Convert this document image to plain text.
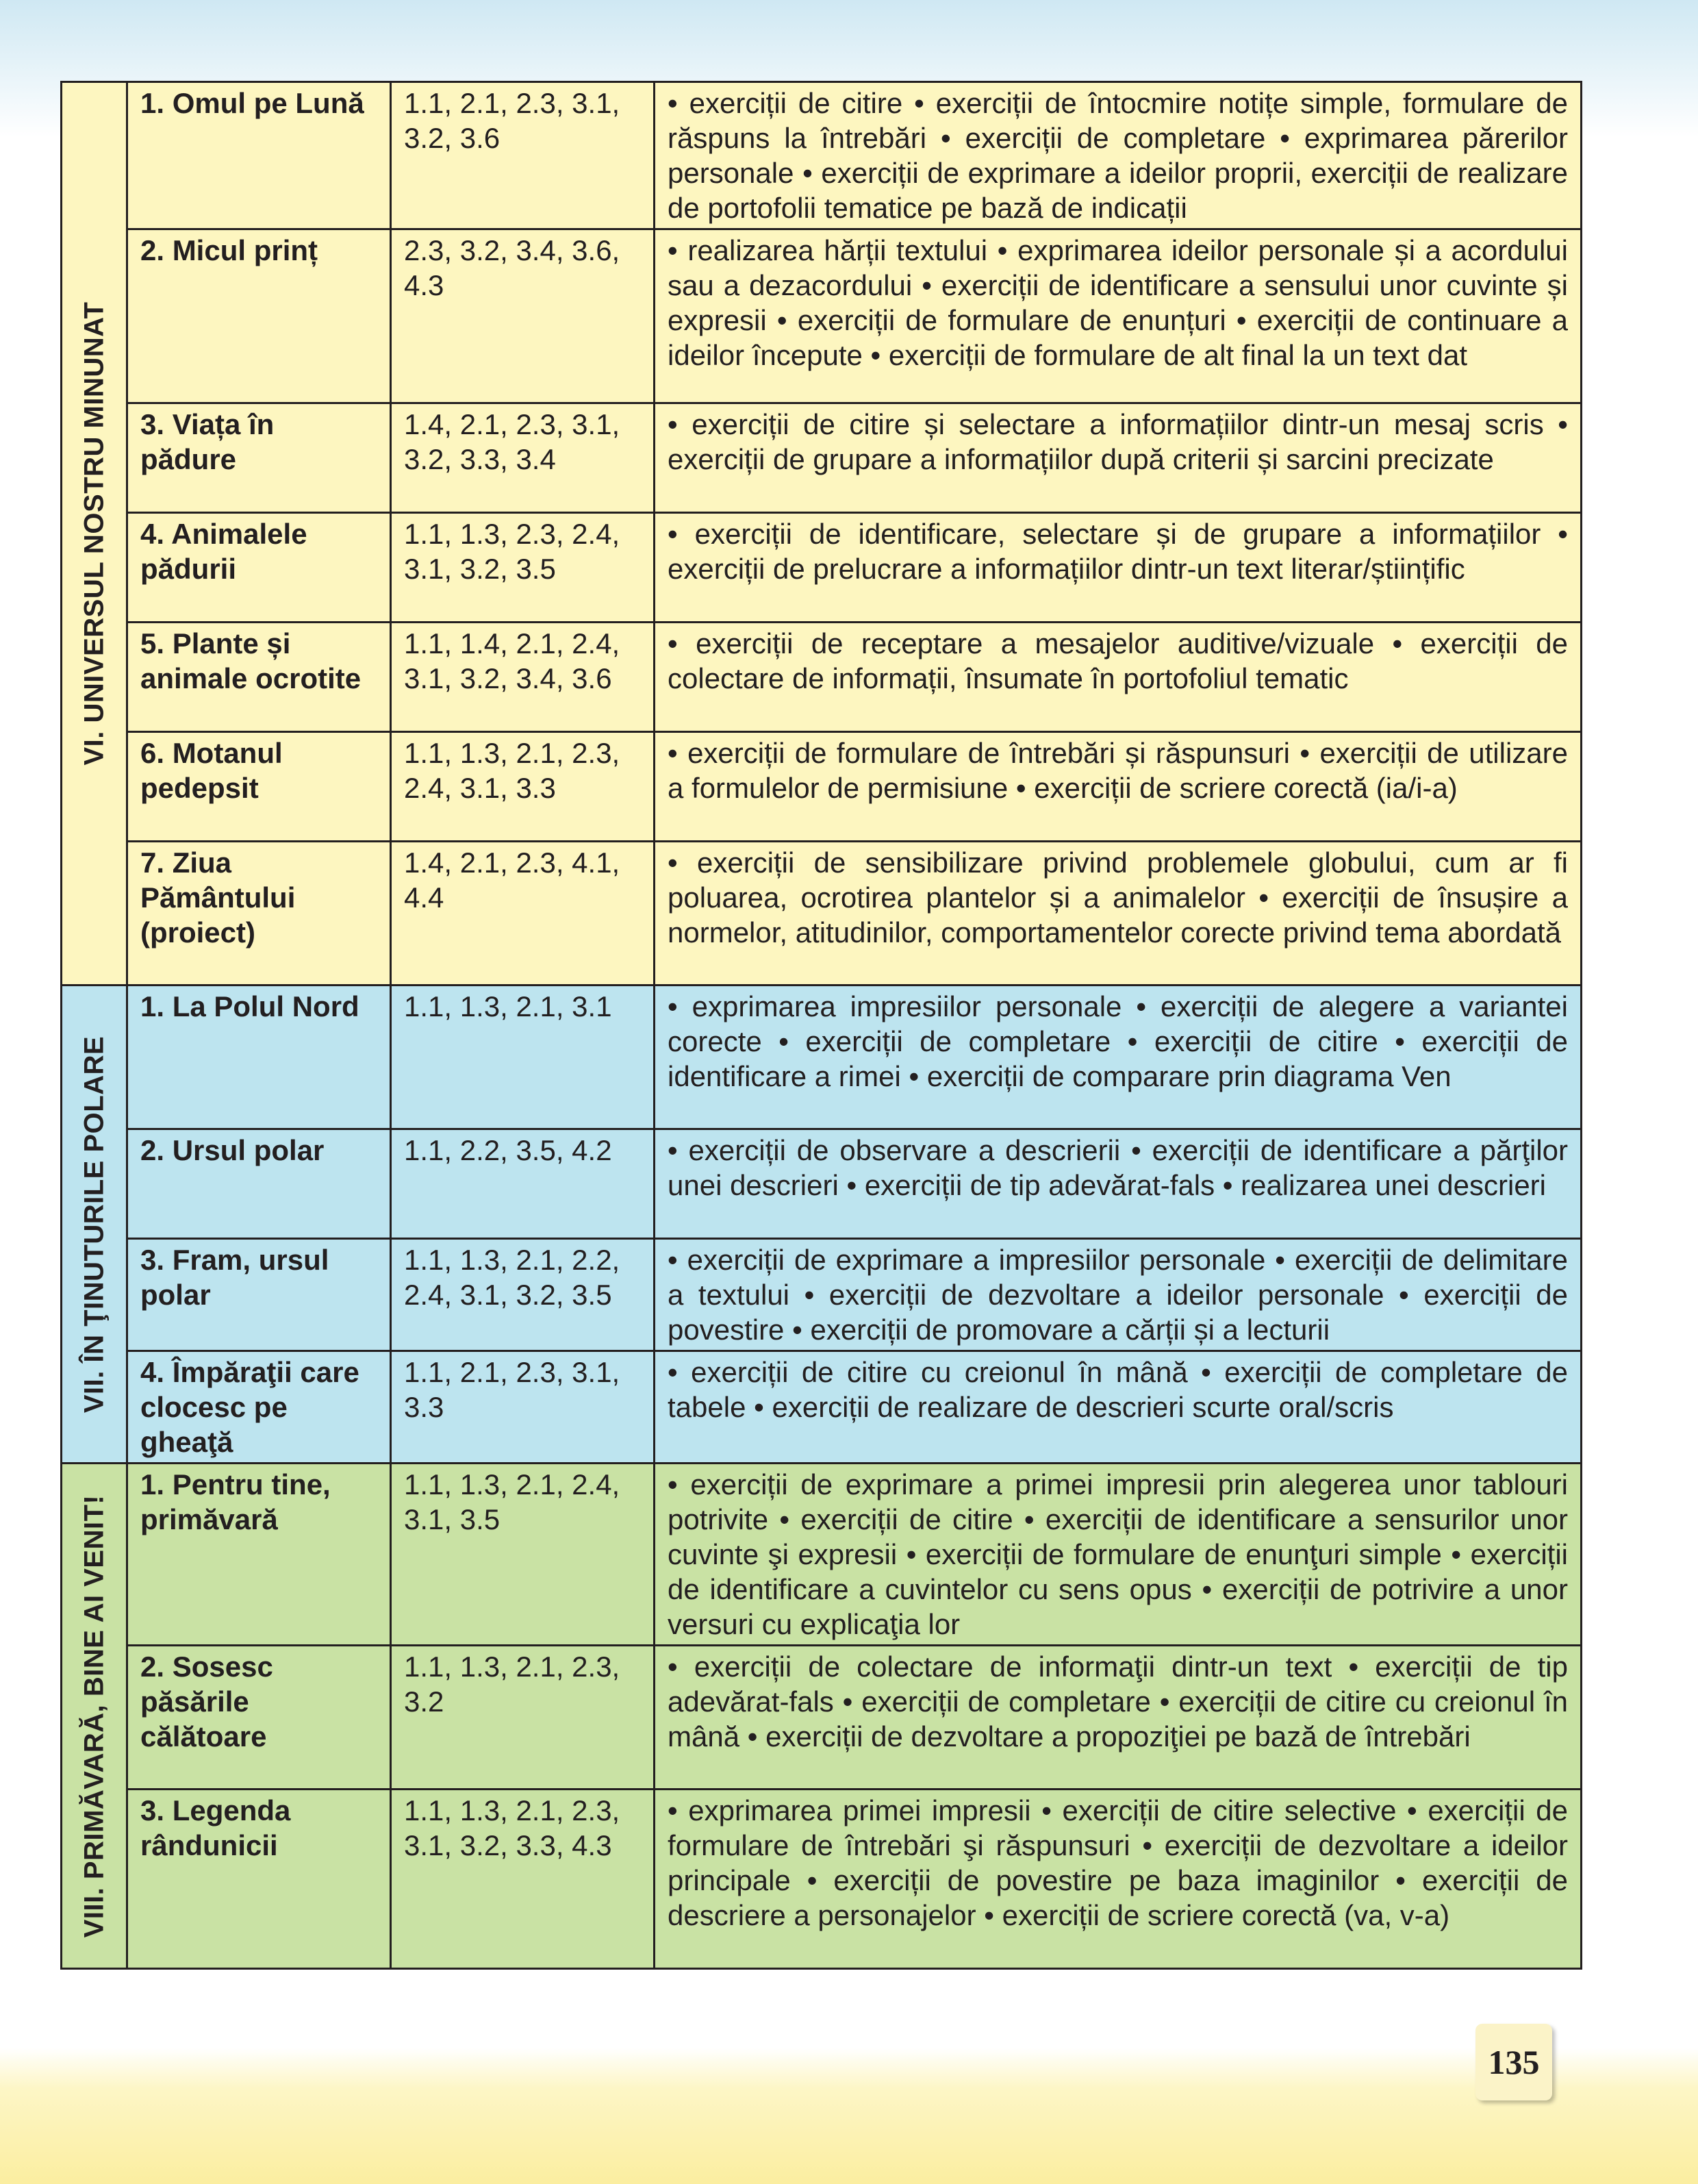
VI. UNIVERSUL NOSTRU MINUNAT	1. Omul pe Lună	1.1, 2.1, 2.3, 3.1, 3.2, 3.6	• exerciții de citire • exerciții de întocmire notițe simple, formulare de răspuns la întrebări • exerciții de completare • exprimarea părerilor personale • exerciții de exprimare a ideilor proprii, exerciții de realizare de portofolii tematice pe bază de indicații
	2. Micul prinț	2.3, 3.2, 3.4, 3.6, 4.3	• realizarea hărții textului • exprimarea ideilor personale și a acordului sau a dezacordului • exerciții de identificare a sensului unor cuvinte și expresii • exerciții de formulare de enunțuri • exerciții de continuare a ideilor începute • exerciții de formulare de alt final la un text dat
	3. Viața în pădure	1.4, 2.1, 2.3, 3.1, 3.2, 3.3, 3.4	• exerciții de citire și selectare a informațiilor dintr-un mesaj scris • exerciții de grupare a informațiilor după criterii și sarcini precizate
	4. Animalele pădurii	1.1, 1.3, 2.3, 2.4, 3.1, 3.2, 3.5	• exerciții de identificare, selectare și de grupare a informațiilor • exerciții de prelucrare a informațiilor dintr-un text literar/științific
	5. Plante și animale ocrotite	1.1, 1.4, 2.1, 2.4, 3.1, 3.2, 3.4, 3.6	• exerciții de receptare a mesajelor auditive/vizuale • exerciții de colectare de informații, însumate în portofoliul tematic
	6. Motanul pedepsit	1.1, 1.3, 2.1, 2.3, 2.4, 3.1, 3.3	• exerciții de formulare de întrebări și răspunsuri • exerciții de utilizare a formulelor de permisiune • exerciții de scriere corectă (ia/i-a)
	7. Ziua Pământului (proiect)	1.4, 2.1, 2.3, 4.1, 4.4	• exerciții de sensibilizare privind problemele globului, cum ar fi poluarea, ocrotirea plantelor și a animalelor • exerciții de însușire a normelor, atitudinilor, comportamentelor corecte privind tema abordată

VII. ÎN ŢINUTURILE POLARE	1. La Polul Nord	1.1, 1.3, 2.1, 3.1	• exprimarea impresiilor personale • exerciții de alegere a variantei corecte • exerciții de completare • exerciții de citire • exerciții de identificare a rimei • exerciții de comparare prin diagrama Ven
	2. Ursul polar	1.1, 2.2, 3.5, 4.2	• exerciții de observare a descrierii • exerciții de identificare a părţilor unei descrieri • exerciții de tip adevărat-fals • realizarea unei descrieri
	3. Fram, ursul polar	1.1, 1.3, 2.1, 2.2, 2.4, 3.1, 3.2, 3.5	• exerciții de exprimare a impresiilor personale • exerciții de delimitare a textului • exerciții de dezvoltare a ideilor personale • exerciții de povestire • exerciții de promovare a cărții și a lecturii
	4. Împăraţii care clocesc pe gheaţă	1.1, 2.1, 2.3, 3.1, 3.3	• exerciții de citire cu creionul în mână • exerciții de completare de tabele • exerciții de realizare de descrieri scurte oral/scris

VIII. PRIMĂVARĂ, BINE AI VENIT!	1. Pentru tine, primăvară	1.1, 1.3, 2.1, 2.4, 3.1, 3.5	• exerciții de exprimare a primei impresii prin alegerea unor tablouri potrivite • exerciții de citire • exerciții de identificare a sensurilor unor cuvinte şi expresii • exerciții de formulare de enunţuri simple • exerciții de identificare a cuvintelor cu sens opus • exerciții de potrivire a unor versuri cu explicaţia lor
	2. Sosesc păsările călătoare	1.1, 1.3, 2.1, 2.3, 3.2	• exerciții de colectare de informaţii dintr-un text • exerciții de tip adevărat-fals • exerciții de completare • exerciții de citire cu creionul în mână • exerciții de dezvoltare a propoziţiei pe bază de întrebări
	3. Legenda rândunicii	1.1, 1.3, 2.1, 2.3, 3.1, 3.2, 3.3, 4.3	• exprimarea primei impresii • exerciții de citire selective • exerciții de formulare de întrebări şi răspunsuri • exerciții de dezvoltare a ideilor principale • exerciții de povestire pe baza imaginilor • exerciții de descriere a personajelor • exerciții de scriere corectă (va, v-a)
135
